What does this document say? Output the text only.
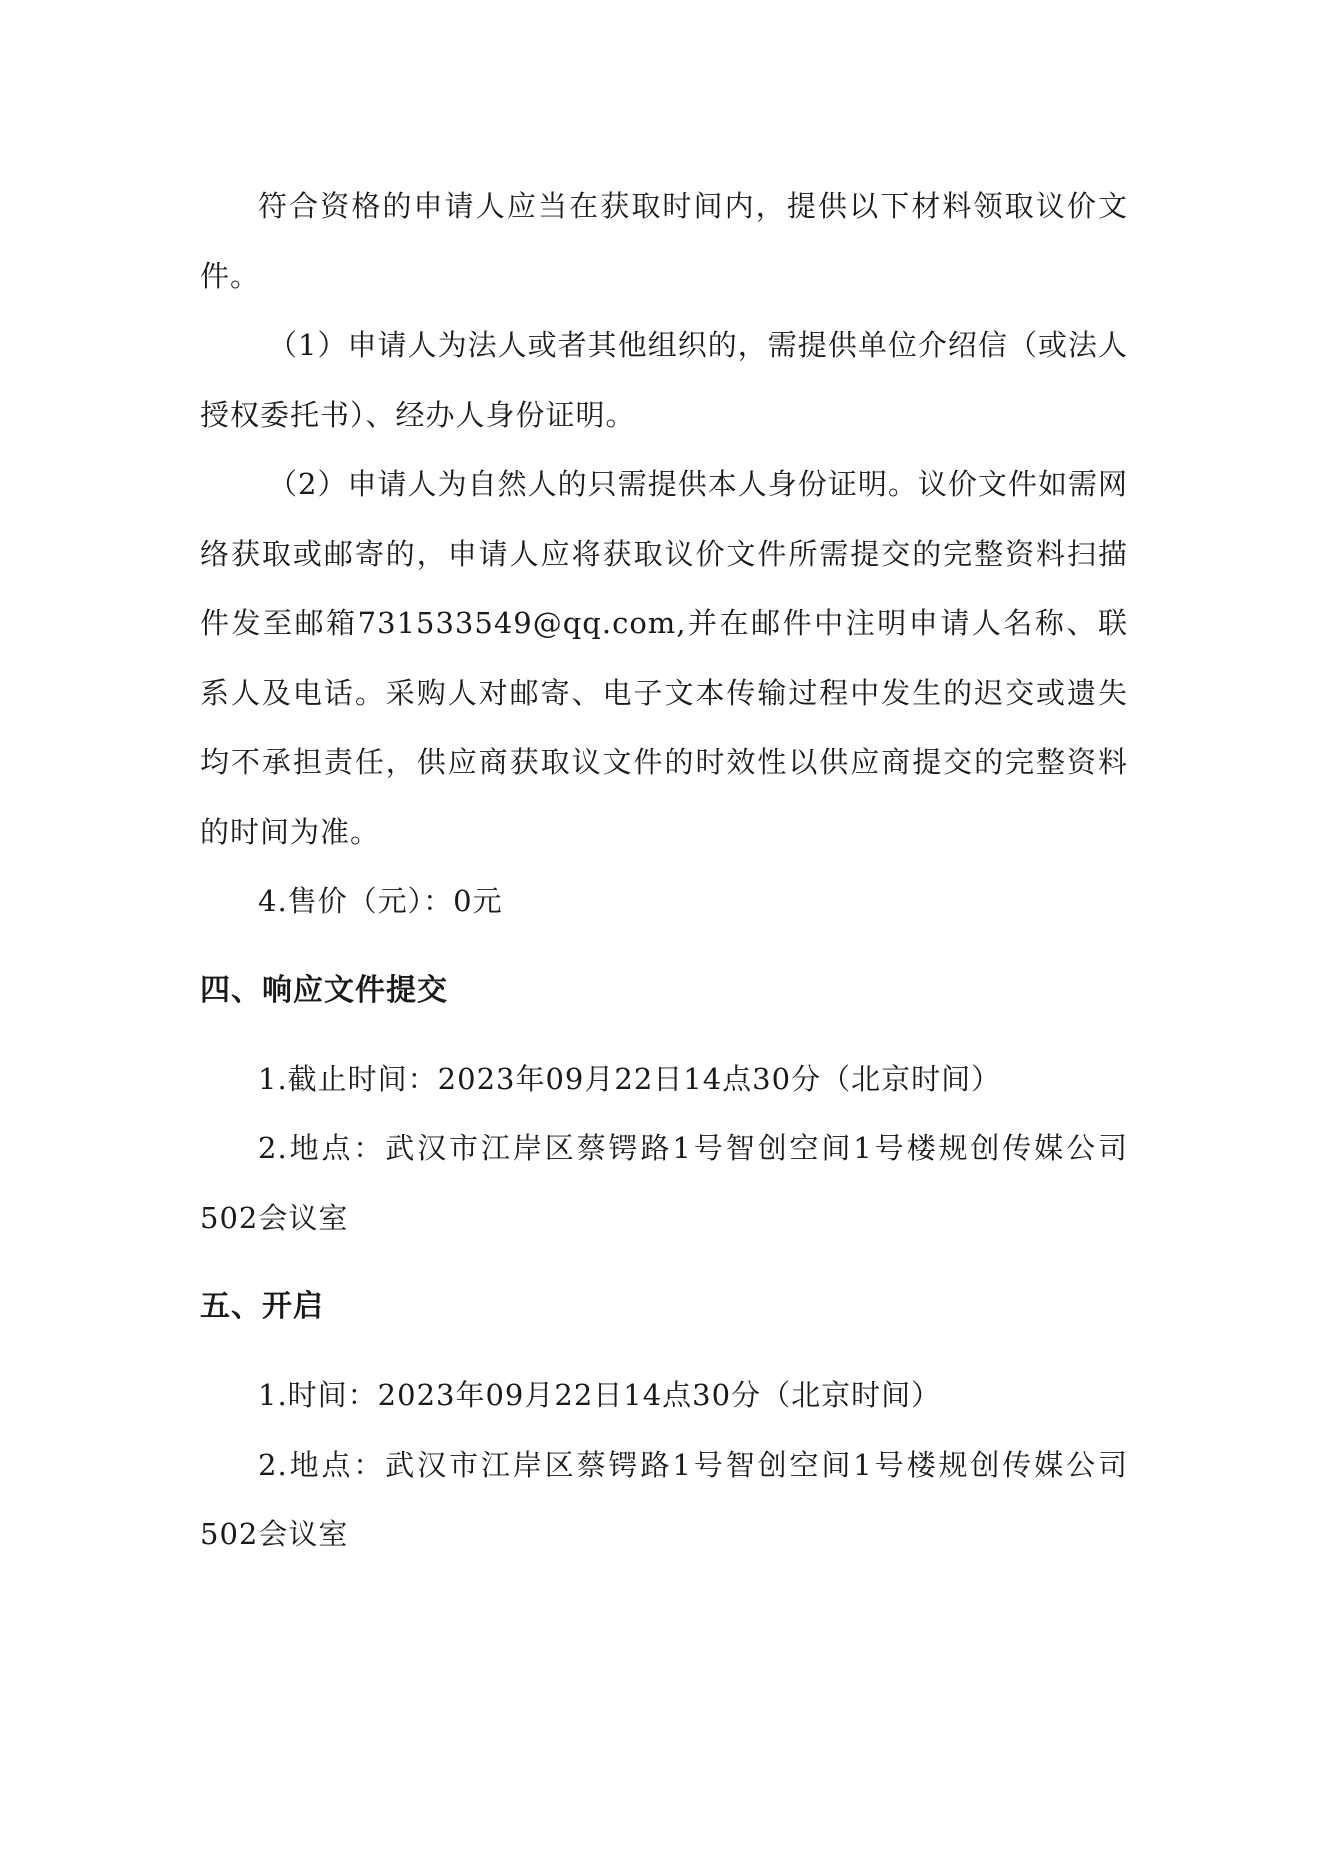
符合资格的申请人应当在获取时间内，提供以下材料领取议价文件。

（1）申请人为法人或者其他组织的，需提供单位介绍信（或法人授权委托书）、经办人身份证明。

（2）申请人为自然人的只需提供本人身份证明。议价文件如需网络获取或邮寄的，申请人应将获取议价文件所需提交的完整资料扫描件发至邮箱731533549@qq.com,并在邮件中注明申请人名称、联系人及电话。采购人对邮寄、电子文本传输过程中发生的迟交或遗失均不承担责任，供应商获取议文件的时效性以供应商提交的完整资料的时间为准。

4.售价（元）：0元

四、响应文件提交

1.截止时间：2023年09月22日14点30分（北京时间）

2.地点：武汉市江岸区蔡锷路1号智创空间1号楼规创传媒公司502会议室

五、开启

1.时间：2023年09月22日14点30分（北京时间）

2.地点：武汉市江岸区蔡锷路1号智创空间1号楼规创传媒公司502会议室
